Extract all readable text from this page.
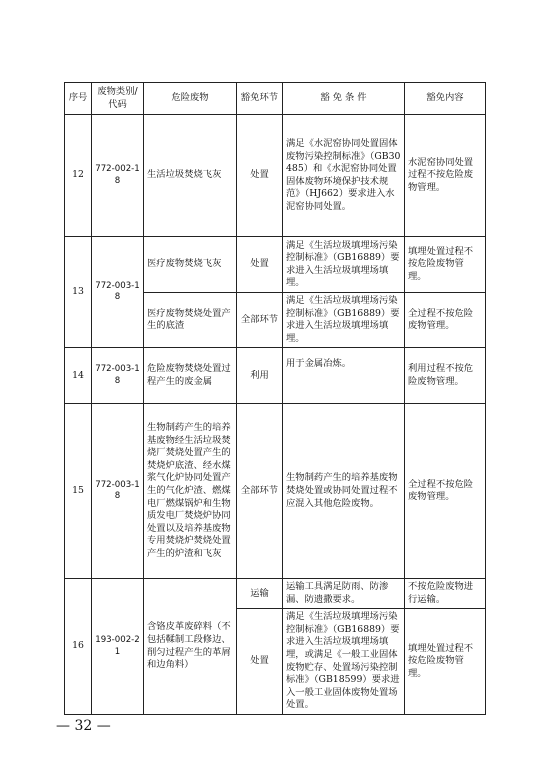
序号	废物类别/代码	危险废物	豁免环节	豁 免 条 件	豁免内容
12	772-002-18	生活垃圾焚烧飞灰	处置	满足《水泥窑协同处置固体废物污染控制标准》（GB30485）和《水泥窑协同处置固体废物环境保护技术规范》（HJ662）要求进入水泥窑协同处置。	水泥窑协同处置过程不按危险废物管理。
13	772-003-18	医疗废物焚烧飞灰	处置	满足《生活垃圾填埋场污染控制标准》（GB16889）要求进入生活垃圾填埋场填埋。	填埋处置过程不按危险废物管理。
		医疗废物焚烧处置产生的底渣	全部环节	满足《生活垃圾填埋场污染控制标准》（GB16889）要求进入生活垃圾填埋场填埋。	全过程不按危险废物管理。
14	772-003-18	危险废物焚烧处置过程产生的废金属	利用	用于金属冶炼。	利用过程不按危险废物管理。
15	772-003-18	生物制药产生的培养基废物经生活垃圾焚烧厂焚烧处置产生的焚烧炉底渣、经水煤浆气化炉协同处置产生的气化炉渣、燃煤电厂燃煤锅炉和生物质发电厂焚烧炉协同处置以及培养基废物专用焚烧炉焚烧处置产生的炉渣和飞灰	全部环节	生物制药产生的培养基废物焚烧处置或协同处置过程不应混入其他危险废物。	全过程不按危险废物管理。
16	193-002-21	含铬皮革废碎料（不包括鞣制工段修边、削匀过程产生的革屑和边角料）	运输	运输工具满足防雨、防渗漏、防遗撒要求。	不按危险废物进行运输。
			处置	满足《生活垃圾填埋场污染控制标准》（GB16889）要求进入生活垃圾填埋场填埋，或满足《一般工业固体废物贮存、处置场污染控制标准》（GB18599）要求进入一般工业固体废物处置场处置。	填埋处置过程不按危险废物管理。
— 32 —
